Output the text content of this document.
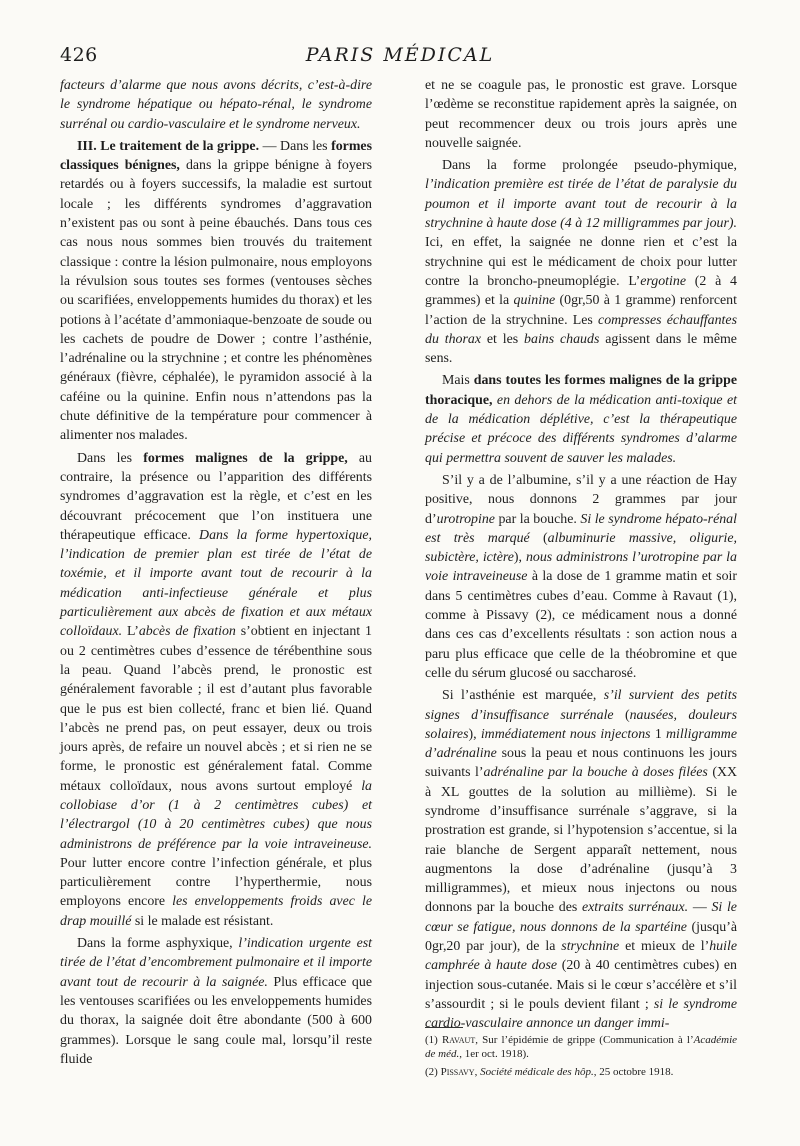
426	PARIS MÉDICAL

facteurs d’alarme que nous avons décrits, c’est-à-dire le syndrome hépatique ou hépato-rénal, le syndrome surrénal ou cardio-vasculaire et le syndrome nerveux.

III. Le traitement de la grippe. — Dans les formes classiques bénignes, dans la grippe bénigne à foyers retardés ou à foyers successifs, la maladie est surtout locale ; les différents syndromes d’aggravation n’existent pas ou sont à peine ébauchés. Dans tous ces cas nous nous sommes bien trouvés du traitement classique : contre la lésion pulmonaire, nous employons la révulsion sous toutes ses formes (ventouses sèches ou scarifiées, enveloppements humides du thorax) et les potions à l’acétate d’ammoniaque-benzoate de soude ou les cachets de poudre de Dower ; contre l’asthénie, l’adrénaline ou la strychnine ; et contre les phénomènes généraux (fièvre, céphalée), le pyramidon associé à la caféine ou la quinine. Enfin nous n’attendons pas la chute définitive de la température pour commencer à alimenter nos malades.

Dans les formes malignes de la grippe, au contraire, la présence ou l’apparition des différents syndromes d’aggravation est la règle, et c’est en les découvrant précocement que l’on instituera une thérapeutique efficace. Dans la forme hypertoxique, l’indication de premier plan est tirée de l’état de toxémie, et il importe avant tout de recourir à la médication anti-infectieuse générale et plus particulièrement aux abcès de fixation et aux métaux colloïdaux. L’abcès de fixation s’obtient en injectant 1 ou 2 centimètres cubes d’essence de térébenthine sous la peau. Quand l’abcès prend, le pronostic est généralement favorable ; il est d’autant plus favorable que le pus est bien collecté, franc et bien lié. Quand l’abcès ne prend pas, on peut essayer, deux ou trois jours après, de refaire un nouvel abcès ; et si rien ne se forme, le pronostic est généralement fatal. Comme métaux colloïdaux, nous avons surtout employé la collobiase d’or (1 à 2 centimètres cubes) et l’électrargol (10 à 20 centimètres cubes) que nous administrons de préférence par la voie intraveineuse. Pour lutter encore contre l’infection générale, et plus particulièrement contre l’hyperthermie, nous employons encore les enveloppements froids avec le drap mouillé si le malade est résistant.

Dans la forme asphyxique, l’indication urgente est tirée de l’état d’encombrement pulmonaire et il importe avant tout de recourir à la saignée. Plus efficace que les ventouses scarifiées ou les enveloppements humides du thorax, la saignée doit être abondante (500 à 600 grammes). Lorsque le sang coule mal, lorsqu’il reste fluide

et ne se coagule pas, le pronostic est grave. Lorsque l’œdème se reconstitue rapidement après la saignée, on peut recommencer deux ou trois jours après une nouvelle saignée.

Dans la forme prolongée pseudo-phymique, l’indication première est tirée de l’état de paralysie du poumon et il importe avant tout de recourir à la strychnine à haute dose (4 à 12 milligrammes par jour). Ici, en effet, la saignée ne donne rien et c’est la strychnine qui est le médicament de choix pour lutter contre la broncho-pneumoplégie. L’ergotine (2 à 4 grammes) et la quinine (0gr,50 à 1 gramme) renforcent l’action de la strychnine. Les compresses échauffantes du thorax et les bains chauds agissent dans le même sens.

Mais dans toutes les formes malignes de la grippe thoracique, en dehors de la médication anti-toxique et de la médication déplétive, c’est la thérapeutique précise et précoce des différents syndromes d’alarme qui permettra souvent de sauver les malades.

S’il y a de l’albumine, s’il y a une réaction de Hay positive, nous donnons 2 grammes par jour d’urotropine par la bouche. Si le syndrome hépato-rénal est très marqué (albuminurie massive, oligurie, subictère, ictère), nous administrons l’urotropine par la voie intraveineuse à la dose de 1 gramme matin et soir dans 5 centimètres cubes d’eau. Comme à Ravaut (1), comme à Pissavy (2), ce médicament nous a donné dans ces cas d’excellents résultats : son action nous a paru plus efficace que celle de la théobromine et que celle du sérum glucosé ou saccharosé.

Si l’asthénie est marquée, s’il survient des petits signes d’insuffisance surrénale (nausées, douleurs solaires), immédiatement nous injectons 1 milligramme d’adrénaline sous la peau et nous continuons les jours suivants l’adrénaline par la bouche à doses filées (XX à XL gouttes de la solution au millième). Si le syndrome d’insuffisance surrénale s’aggrave, si la prostration est grande, si l’hypotension s’accentue, si la raie blanche de Sergent apparaît nettement, nous augmentons la dose d’adrénaline (jusqu’à 3 milligrammes), et mieux nous injectons ou nous donnons par la bouche des extraits surrénaux. — Si le cœur se fatigue, nous donnons de la spartéine (jusqu’à 0gr,20 par jour), de la strychnine et mieux de l’huile camphrée à haute dose (20 à 40 centimètres cubes) en injection sous-cutanée. Mais si le cœur s’accélère et s’il s’assourdit ; si le pouls devient filant ; si le syndrome cardio-vasculaire annonce un danger immi-

(1) Ravaut, Sur l’épidémie de grippe (Communication à l’Académie de méd., 1er oct. 1918).
(2) Pissavy, Société médicale des hôp., 25 octobre 1918.
